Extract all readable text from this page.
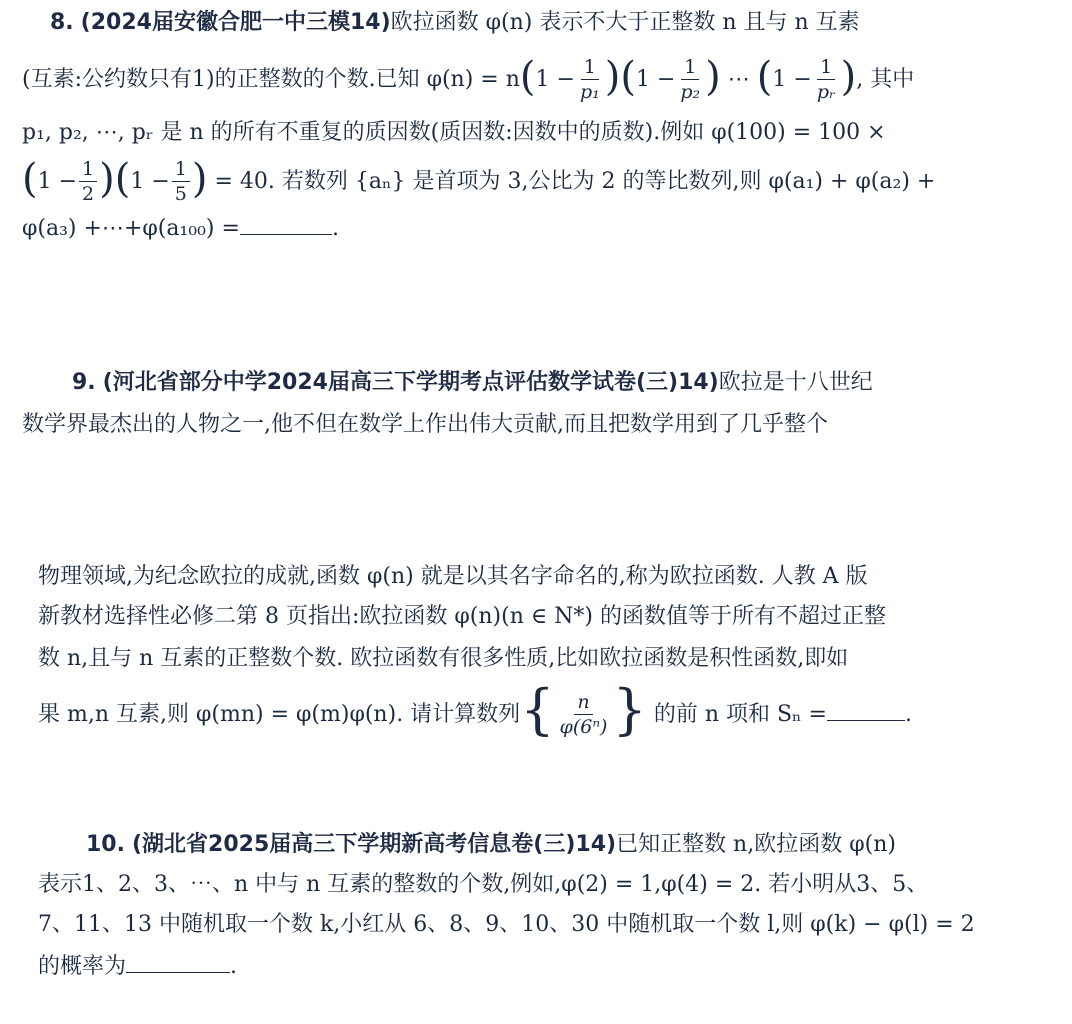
8. (2024届安徽合肥一中三模14)欧拉函数 φ(n) 表示不大于正整数 n 且与 n 互素
(互素:公约数只有1)的正整数的个数.已知 $\varphi(n) = n(1 - \frac{1}{\text{p₁}} )(1 - \frac{1}{\text{p₂}}$ ) ⋯ ($1 - \frac{1}{\text{pᵣ}}$ ), 其中
p₁, p₂, ⋯, pᵣ 是 n 的所有不重复的质因数(质因数:因数中的质数).例如 φ(100) = 100 ×
$(1 - \frac{1}{2} )(1 - \frac{1}{5}$ ) = 40. 若数列 {aₙ} 是首项为 3,公比为 2 的等比数列,则 φ(a₁) + φ(a₂) +
φ(a₃) +⋯+φ(a₁₀₀) =	.
9. (河北省部分中学2024届高三下学期考点评估数学试卷(三)14)欧拉是十八世纪
数学界最杰出的人物之一,他不但在数学上作出伟大贡献,而且把数学用到了几乎整个
物理领域,为纪念欧拉的成就,函数 φ(n) 就是以其名字命名的,称为欧拉函数. 人教 A 版
新教材选择性必修二第 8 页指出:欧拉函数 φ(n)(n ∈ N*) 的函数值等于所有不超过正整
数 n,且与 n 互素的正整数个数. 欧拉函数有很多性质,比如欧拉函数是积性函数,即如
果 m,n 互素,则 φ(mn) = φ(m)φ(n). 请计算数列{ $\frac{n}{\text{φ(6ⁿ)}}$ } 的前 n 项和 Sₙ =	.
10. (湖北省2025届高三下学期新高考信息卷(三)14)已知正整数 n,欧拉函数 φ(n)
表示1、2、3、⋯、n 中与 n 互素的整数的个数,例如,φ(2) = 1,φ(4) = 2. 若小明从3、5、
7、11、13 中随机取一个数 k,小红从 6、8、9、10、30 中随机取一个数 l,则 φ(k) − φ(l) = 2
的概率为	.
